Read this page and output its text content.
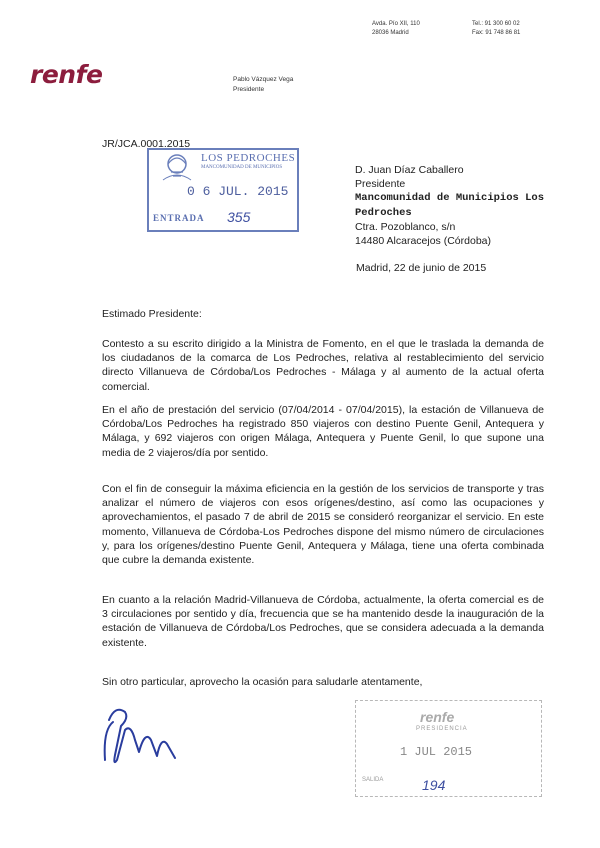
renfe
Avda. Pío XII, 110
28036 Madrid
Tel.: 91 300 60 02
Fax: 91 748 86 81
Pablo Vázquez Vega
Presidente
JR/JCA.0001.2015
LOS PEDROCHES
MANCOMUNIDAD DE MUNICIPIOS
0 6 JUL. 2015
ENTRADA 355
D. Juan Díaz Caballero
Presidente
Mancomunidad de Municipios Los
Pedroches
Ctra. Pozoblanco, s/n
14480 Alcaracejos (Córdoba)
Madrid, 22 de junio de 2015
Estimado Presidente:
Contesto a su escrito dirigido a la Ministra de Fomento, en el que le traslada la demanda de los ciudadanos de la comarca de Los Pedroches, relativa al restablecimiento del servicio directo Villanueva de Córdoba/Los Pedroches - Málaga y al aumento de la actual oferta comercial.
En el año de prestación del servicio (07/04/2014 - 07/04/2015), la estación de Villanueva de Córdoba/Los Pedroches ha registrado 850 viajeros con destino Puente Genil, Antequera y Málaga, y 692 viajeros con origen Málaga, Antequera y Puente Genil, lo que supone una media de 2 viajeros/día por sentido.
Con el fin de conseguir la máxima eficiencia en la gestión de los servicios de transporte y tras analizar el número de viajeros con esos orígenes/destino, así como las ocupaciones y aprovechamientos, el pasado 7 de abril de 2015 se consideró reorganizar el servicio. En este momento, Villanueva de Córdoba-Los Pedroches dispone del mismo número de circulaciones y, para los orígenes/destino Puente Genil, Antequera y Málaga, tiene una oferta combinada que cubre la demanda existente.
En cuanto a la relación Madrid-Villanueva de Córdoba, actualmente, la oferta comercial es de 3 circulaciones por sentido y día, frecuencia que se ha mantenido desde la inauguración de la estación de Villanueva de Córdoba/Los Pedroches, que se considera adecuada a la demanda existente.
Sin otro particular, aprovecho la ocasión para saludarle atentamente,
renfe
PRESIDENCIA
1 JUL 2015
SALIDA	194
